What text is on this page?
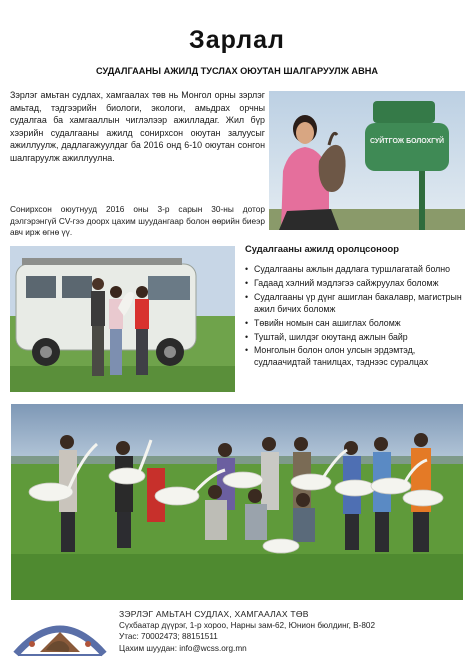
Зарлал
СУДАЛГААНЫ АЖИЛД ТУСЛАХ ОЮУТАН ШАЛГАРУУЛЖ АВНА
Зэрлэг амьтан судлах, хамгаалах төв нь Монгол орны зэрлэг амьтад, тэдгээрийн биологи, экологи, амьдрах орчны судалгаа ба хамгааллын чиглэлээр ажилладаг. Жил бүр хээрийн судалгааны ажилд сонирхсон оюутан залуусыг ажиллуулж, дадлагажуулдаг ба 2016 онд 6-10 оюутан сонгон шалгаруулж ажиллуулна.
Сонирхсон оюутнууд 2016 оны 3-р сарын 30-ны дотор дэлгэрэнгүй CV-гээ доорх цахим шуудангаар болон өөрийн биеэр авч ирж өгнө үү.
СУЙТГОЖ БОЛОХГҮЙ
Судалгааны ажилд оролцсоноор
• Судалгааны ажлын дадлага туршлагатай болно
• Гадаад хэлний мэдлэгээ сайжруулах боломж
• Судалгааны үр дүнг ашиглан бакалавр, магистрын ажил бичих боломж
• Төвийн номын сан ашиглах боломж
• Туштай, шилдэг оюутанд ажлын байр
• Монголын болон олон улсын эрдэмтэд, судлаачидтай танилцах, тэднээс суралцах
ЗЭРЛЭГ АМЬТАН СУДЛАХ, ХАМГААЛАХ ТӨВ
Сүхбаатар дүүрэг, 1-р хороо, Нарны зам-62, Юнион бюлдинг, В-802
Утас: 70002473; 88151511
Цахим шуудан: info@wcss.org.mn
